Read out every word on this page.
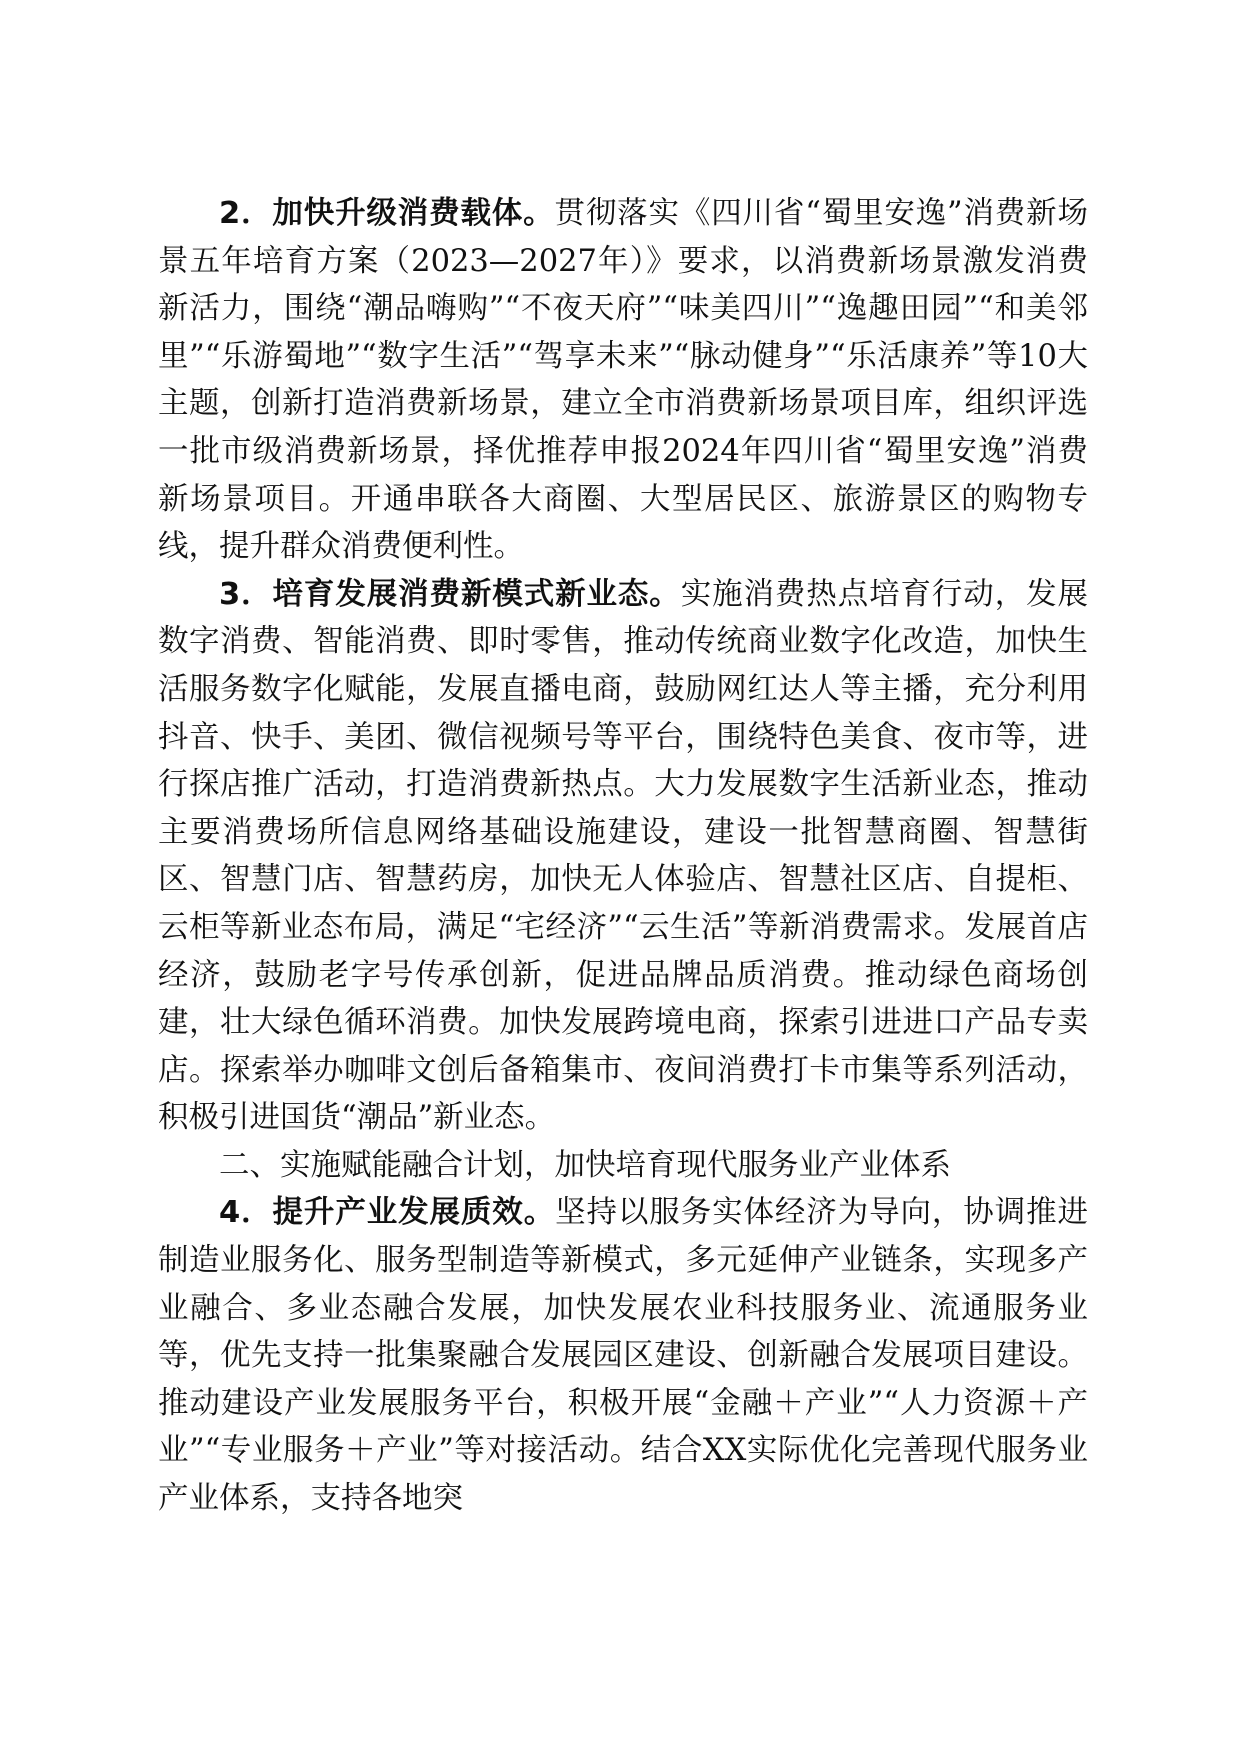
2．加快升级消费载体。贯彻落实《四川省“蜀里安逸”消费新场景五年培育方案（2023—2027年）》要求，以消费新场景激发消费新活力，围绕“潮品嗨购”“不夜天府”“味美四川”“逸趣田园”“和美邻里”“乐游蜀地”“数字生活”“驾享未来”“脉动健身”“乐活康养”等10大主题，创新打造消费新场景，建立全市消费新场景项目库，组织评选一批市级消费新场景，择优推荐申报2024年四川省“蜀里安逸”消费新场景项目。开通串联各大商圈、大型居民区、旅游景区的购物专线，提升群众消费便利性。

3．培育发展消费新模式新业态。实施消费热点培育行动，发展数字消费、智能消费、即时零售，推动传统商业数字化改造，加快生活服务数字化赋能，发展直播电商，鼓励网红达人等主播，充分利用抖音、快手、美团、微信视频号等平台，围绕特色美食、夜市等，进行探店推广活动，打造消费新热点。大力发展数字生活新业态，推动主要消费场所信息网络基础设施建设，建设一批智慧商圈、智慧街区、智慧门店、智慧药房，加快无人体验店、智慧社区店、自提柜、云柜等新业态布局，满足“宅经济”“云生活”等新消费需求。发展首店经济，鼓励老字号传承创新，促进品牌品质消费。推动绿色商场创建，壮大绿色循环消费。加快发展跨境电商，探索引进进口产品专卖店。探索举办咖啡文创后备箱集市、夜间消费打卡市集等系列活动，积极引进国货“潮品”新业态。

二、实施赋能融合计划，加快培育现代服务业产业体系

4．提升产业发展质效。坚持以服务实体经济为导向，协调推进制造业服务化、服务型制造等新模式，多元延伸产业链条，实现多产业融合、多业态融合发展，加快发展农业科技服务业、流通服务业等，优先支持一批集聚融合发展园区建设、创新融合发展项目建设。推动建设产业发展服务平台，积极开展“金融＋产业”“人力资源＋产业”“专业服务＋产业”等对接活动。结合XX实际优化完善现代服务业产业体系，支持各地突
